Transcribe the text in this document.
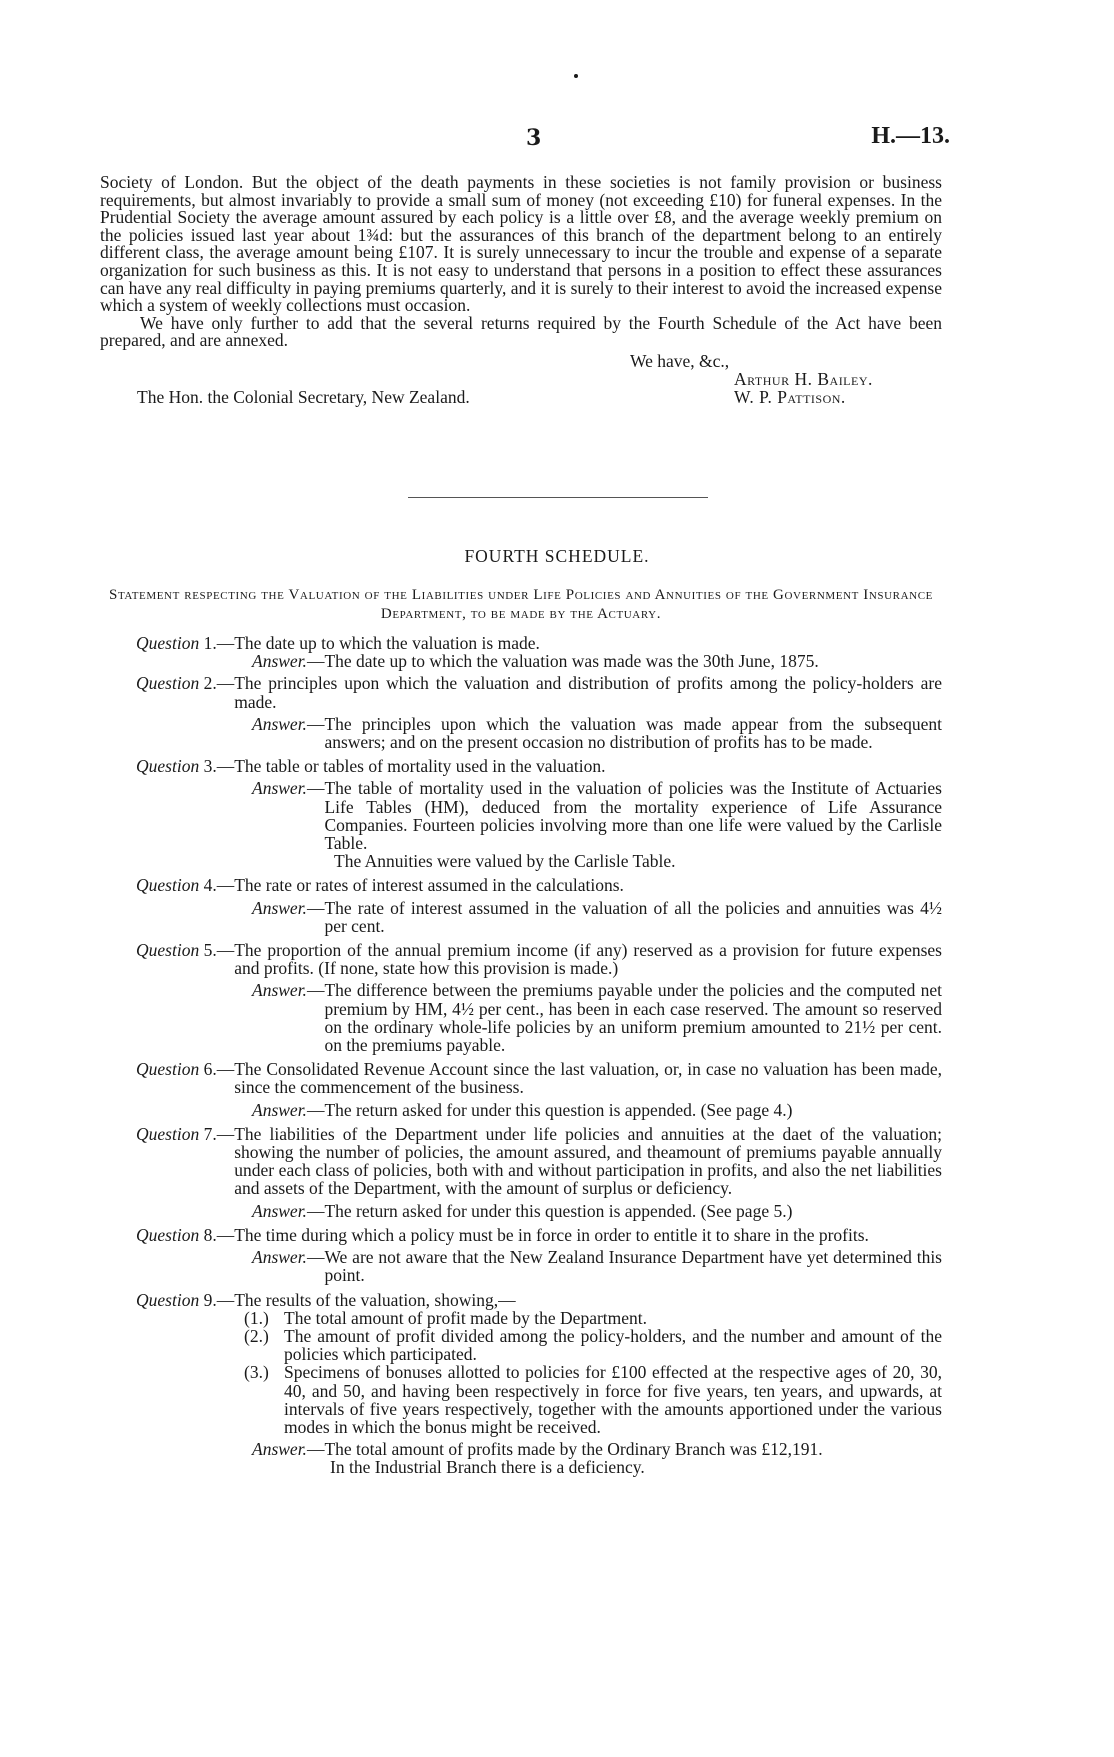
3	H.—13.

Society of London. But the object of the death payments in these societies is not family provision or business requirements, but almost invariably to provide a small sum of money (not exceeding £10) for funeral expenses. In the Prudential Society the average amount assured by each policy is a little over £8, and the average weekly premium on the policies issued last year about 1¾d: but the assurances of this branch of the department belong to an entirely different class, the average amount being £107. It is surely unnecessary to incur the trouble and expense of a separate organization for such business as this. It is not easy to understand that persons in a position to effect these assurances can have any real difficulty in paying premiums quarterly, and it is surely to their interest to avoid the increased expense which a system of weekly collections must occasion.

We have only further to add that the several returns required by the Fourth Schedule of the Act have been prepared, and are annexed.

We have, &c.,
Arthur H. Bailey.
W. P. Pattison.
The Hon. the Colonial Secretary, New Zealand.
FOURTH SCHEDULE.
Statement respecting the Valuation of the Liabilities under Life Policies and Annuities of the Government Insurance Department, to be made by the Actuary.
Question 1.— The date up to which the valuation is made.
Answer.— The date up to which the valuation was made was the 30th June, 1875.
Question 2.— The principles upon which the valuation and distribution of profits among the policy-holders are made.
Answer.— The principles upon which the valuation was made appear from the subsequent answers; and on the present occasion no distribution of profits has to be made.
Question 3.— The table or tables of mortality used in the valuation.
Answer.— The table of mortality used in the valuation of policies was the Institute of Actuaries Life Tables (HM), deduced from the mortality experience of Life Assurance Companies. Fourteen policies involving more than one life were valued by the Carlisle Table.
The Annuities were valued by the Carlisle Table.
Question 4.— The rate or rates of interest assumed in the calculations.
Answer.— The rate of interest assumed in the valuation of all the policies and annuities was 4½ per cent.
Question 5.— The proportion of the annual premium income (if any) reserved as a provision for future expenses and profits. (If none, state how this provision is made.)
Answer.— The difference between the premiums payable under the policies and the computed net premium by HM, 4½ per cent., has been in each case reserved. The amount so reserved on the ordinary whole-life policies by an uniform premium amounted to 21½ per cent. on the premiums payable.
Question 6.— The Consolidated Revenue Account since the last valuation, or, in case no valuation has been made, since the commencement of the business.
Answer.— The return asked for under this question is appended. (See page 4.)
Question 7.— The liabilities of the Department under life policies and annuities at the daet of the valuation; showing the number of policies, the amount assured, and theamount of premiums payable annually under each class of policies, both with and without participation in profits, and also the net liabilities and assets of the Department, with the amount of surplus or deficiency.
Answer.— The return asked for under this question is appended. (See page 5.)
Question 8.— The time during which a policy must be in force in order to entitle it to share in the profits.
Answer.— We are not aware that the New Zealand Insurance Department have yet determined this point.
Question 9.— The results of the valuation, showing,—
(1.) The total amount of profit made by the Department.
(2.) The amount of profit divided among the policy-holders, and the number and amount of the policies which participated.
(3.) Specimens of bonuses allotted to policies for £100 effected at the respective ages of 20, 30, 40, and 50, and having been respectively in force for five years, ten years, and upwards, at intervals of five years respectively, together with the amounts apportioned under the various modes in which the bonus might be received.
Answer.— The total amount of profits made by the Ordinary Branch was £12,191.
In the Industrial Branch there is a deficiency.
